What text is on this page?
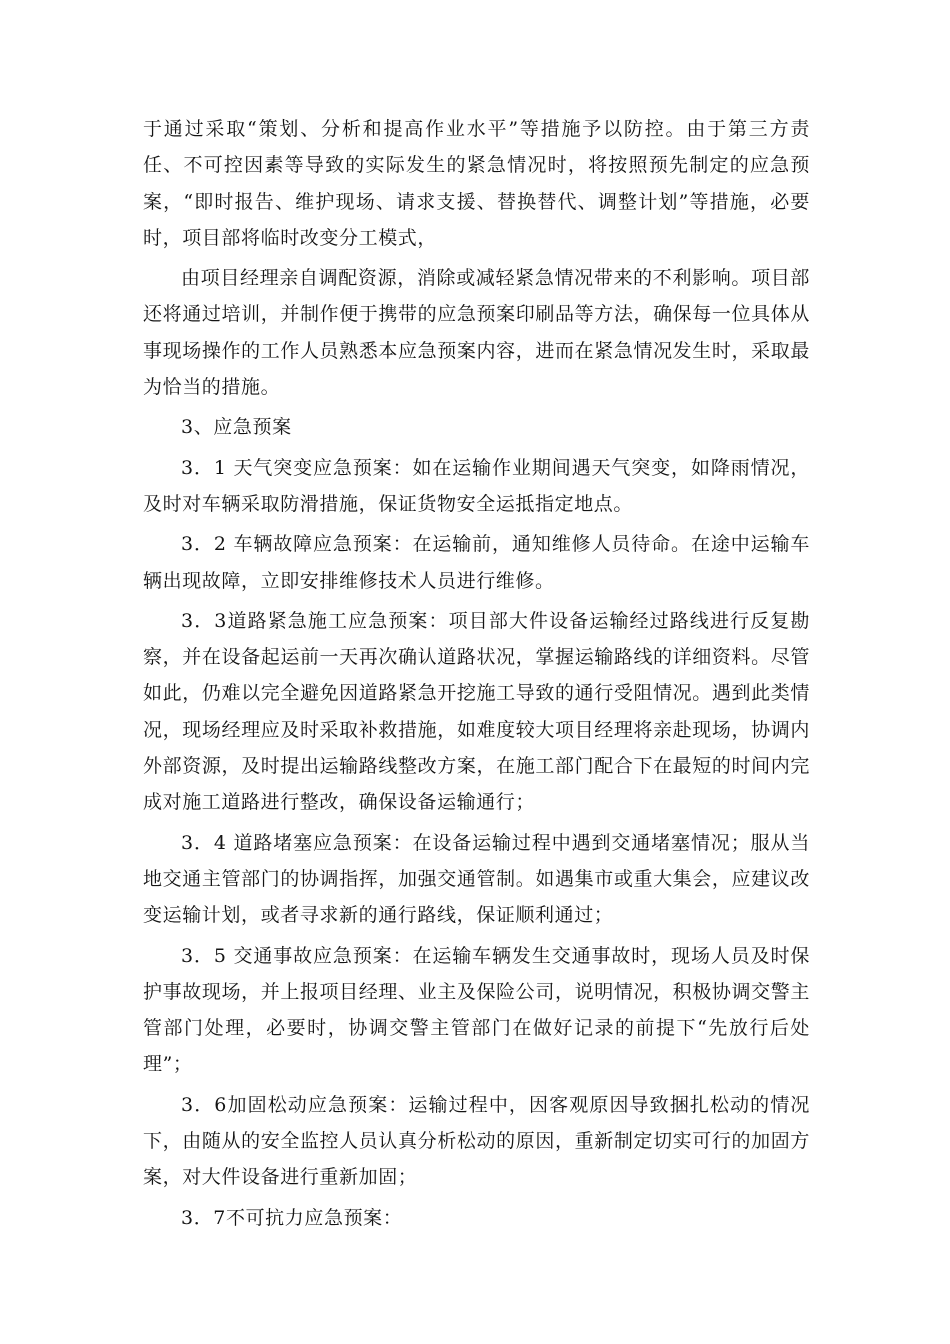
于通过采取“策划、分析和提高作业水平”等措施予以防控。由于第三方责任、不可控因素等导致的实际发生的紧急情况时，将按照预先制定的应急预案，“即时报告、维护现场、请求支援、替换替代、调整计划”等措施，必要时，项目部将临时改变分工模式，

由项目经理亲自调配资源，消除或减轻紧急情况带来的不利影响。项目部还将通过培训，并制作便于携带的应急预案印刷品等方法，确保每一位具体从事现场操作的工作人员熟悉本应急预案内容，进而在紧急情况发生时，采取最为恰当的措施。

3、应急预案

3．1 天气突变应急预案：如在运输作业期间遇天气突变，如降雨情况，及时对车辆采取防滑措施，保证货物安全运抵指定地点。

3．2 车辆故障应急预案：在运输前，通知维修人员待命。在途中运输车辆出现故障，立即安排维修技术人员进行维修。

3．3道路紧急施工应急预案：项目部大件设备运输经过路线进行反复勘察，并在设备起运前一天再次确认道路状况，掌握运输路线的详细资料。尽管如此，仍难以完全避免因道路紧急开挖施工导致的通行受阻情况。遇到此类情况，现场经理应及时采取补救措施，如难度较大项目经理将亲赴现场，协调内外部资源，及时提出运输路线整改方案，在施工部门配合下在最短的时间内完成对施工道路进行整改，确保设备运输通行；

3．4 道路堵塞应急预案：在设备运输过程中遇到交通堵塞情况；服从当地交通主管部门的协调指挥，加强交通管制。如遇集市或重大集会，应建议改变运输计划，或者寻求新的通行路线，保证顺利通过；

3．5 交通事故应急预案：在运输车辆发生交通事故时，现场人员及时保护事故现场，并上报项目经理、业主及保险公司，说明情况，积极协调交警主管部门处理，必要时，协调交警主管部门在做好记录的前提下“先放行后处理”；

3．6加固松动应急预案：运输过程中，因客观原因导致捆扎松动的情况下，由随从的安全监控人员认真分析松动的原因，重新制定切实可行的加固方案，对大件设备进行重新加固；

3．7不可抗力应急预案：
